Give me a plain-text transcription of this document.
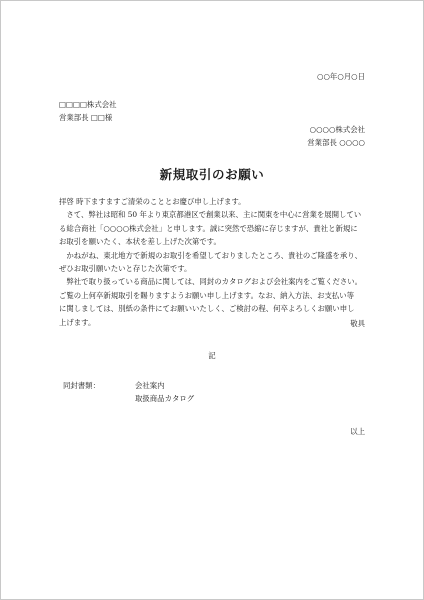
○○年○月○日
□□□□株式会社
営業部長 □□様
○○○○株式会社
営業部長 ○○○○
新規取引のお願い

拝啓 時下ますますご清栄のこととお慶び申し上げます。

　さて、弊社は昭和 50 年より東京都港区で創業以来、主に関東を中心に営業を展開してい

る総合商社「○○○○株式会社」と申します。誠に突然で恐縮に存じますが、貴社と新規に

お取引を願いたく、本状を差し上げた次第です。

　かねがね、東北地方で新規のお取引を希望しておりましたところ、貴社のご隆盛を承り、

ぜひお取引願いたいと存じた次第です。

　弊社で取り扱っている商品に関しては、同封のカタログおよび会社案内をご覧ください。

ご覧の上何卒新規取引を賜りますようお願い申し上げます。なお、納入方法、お支払い等

に関しましては、別紙の条件にてお願いいたしく、ご検討の程、何卒よろしくお願い申し

上げます。	敬具
記
同封書類：	会社案内
取扱商品カタログ
以上
